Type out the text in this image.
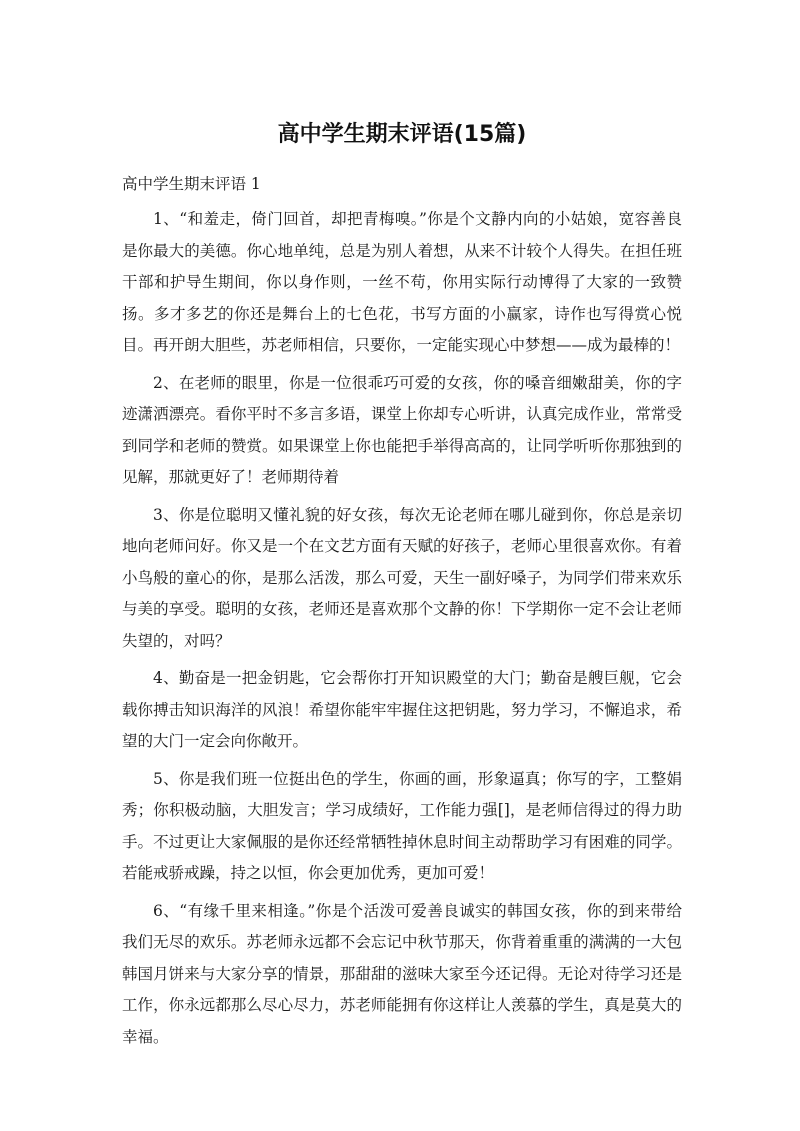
高中学生期末评语(15篇)
高中学生期末评语 1

1、“和羞走，倚门回首，却把青梅嗅。”你是个文静内向的小姑娘，宽容善良是你最大的美德。你心地单纯，总是为别人着想，从来不计较个人得失。在担任班干部和护导生期间，你以身作则，一丝不苟，你用实际行动博得了大家的一致赞扬。多才多艺的你还是舞台上的七色花，书写方面的小赢家，诗作也写得赏心悦目。再开朗大胆些，苏老师相信，只要你，一定能实现心中梦想——成为最棒的！

2、在老师的眼里，你是一位很乖巧可爱的女孩，你的嗓音细嫩甜美，你的字迹潇洒漂亮。看你平时不多言多语，课堂上你却专心听讲，认真完成作业，常常受到同学和老师的赞赏。如果课堂上你也能把手举得高高的，让同学听听你那独到的见解，那就更好了！老师期待着

3、你是位聪明又懂礼貌的好女孩，每次无论老师在哪儿碰到你，你总是亲切地向老师问好。你又是一个在文艺方面有天赋的好孩子，老师心里很喜欢你。有着小鸟般的童心的你，是那么活泼，那么可爱，天生一副好嗓子，为同学们带来欢乐与美的享受。聪明的女孩，老师还是喜欢那个文静的你！下学期你一定不会让老师失望的，对吗？

4、勤奋是一把金钥匙，它会帮你打开知识殿堂的大门；勤奋是艘巨舰，它会载你搏击知识海洋的风浪！希望你能牢牢握住这把钥匙，努力学习，不懈追求，希望的大门一定会向你敞开。

5、你是我们班一位挺出色的学生，你画的画，形象逼真；你写的字，工整娟秀；你积极动脑，大胆发言；学习成绩好，工作能力强[]，是老师信得过的得力助手。不过更让大家佩服的是你还经常牺牲掉休息时间主动帮助学习有困难的同学。若能戒骄戒躁，持之以恒，你会更加优秀，更加可爱！

6、“有缘千里来相逢。”你是个活泼可爱善良诚实的韩国女孩，你的到来带给我们无尽的欢乐。苏老师永远都不会忘记中秋节那天，你背着重重的满满的一大包韩国月饼来与大家分享的情景，那甜甜的滋味大家至今还记得。无论对待学习还是工作，你永远都那么尽心尽力，苏老师能拥有你这样让人羡慕的学生，真是莫大的幸福。
